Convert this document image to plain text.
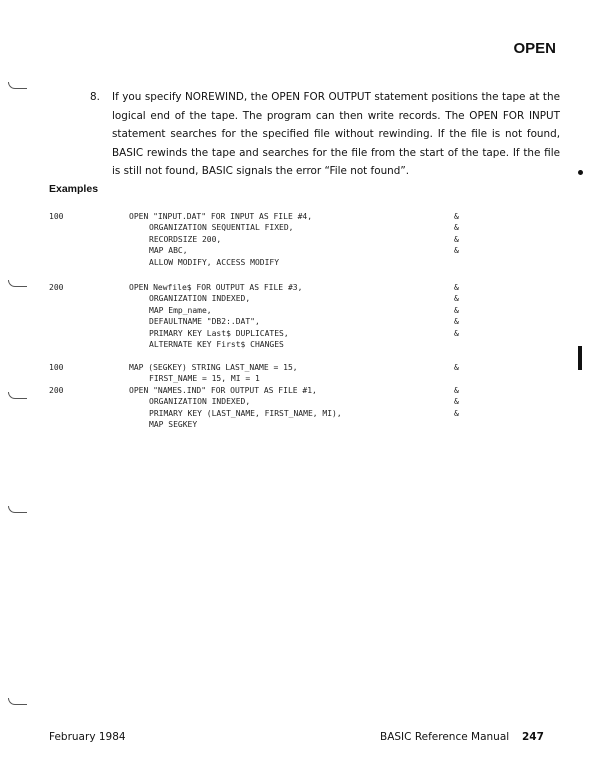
OPEN
8. If you specify NOREWIND, the OPEN FOR OUTPUT statement positions the tape at the logical end of the tape. The program can then write records. The OPEN FOR INPUT statement searches for the specified file without rewinding. If the file is not found, BASIC rewinds the tape and searches for the file from the start of the tape. If the file is still not found, BASIC signals the error “File not found”.
Examples
100	OPEN "INPUT.DAT" FOR INPUT AS FILE #4,	&
ORGANIZATION SEQUENTIAL FIXED,	&
RECORDSIZE 200,	&
MAP ABC,	&
ALLOW MODIFY, ACCESS MODIFY
200	OPEN Newfile$ FOR OUTPUT AS FILE #3,	&
ORGANIZATION INDEXED,	&
MAP Emp_name,	&
DEFAULTNAME "DB2:.DAT",	&
PRIMARY KEY Last$ DUPLICATES,	&
ALTERNATE KEY First$ CHANGES
100	MAP (SEGKEY) STRING LAST_NAME = 15,	&
FIRST_NAME = 15, MI = 1
200	OPEN "NAMES.IND" FOR OUTPUT AS FILE #1,	&
ORGANIZATION INDEXED,	&
PRIMARY KEY (LAST_NAME, FIRST_NAME, MI),	&
MAP SEGKEY
February 1984	BASIC Reference Manual 247
